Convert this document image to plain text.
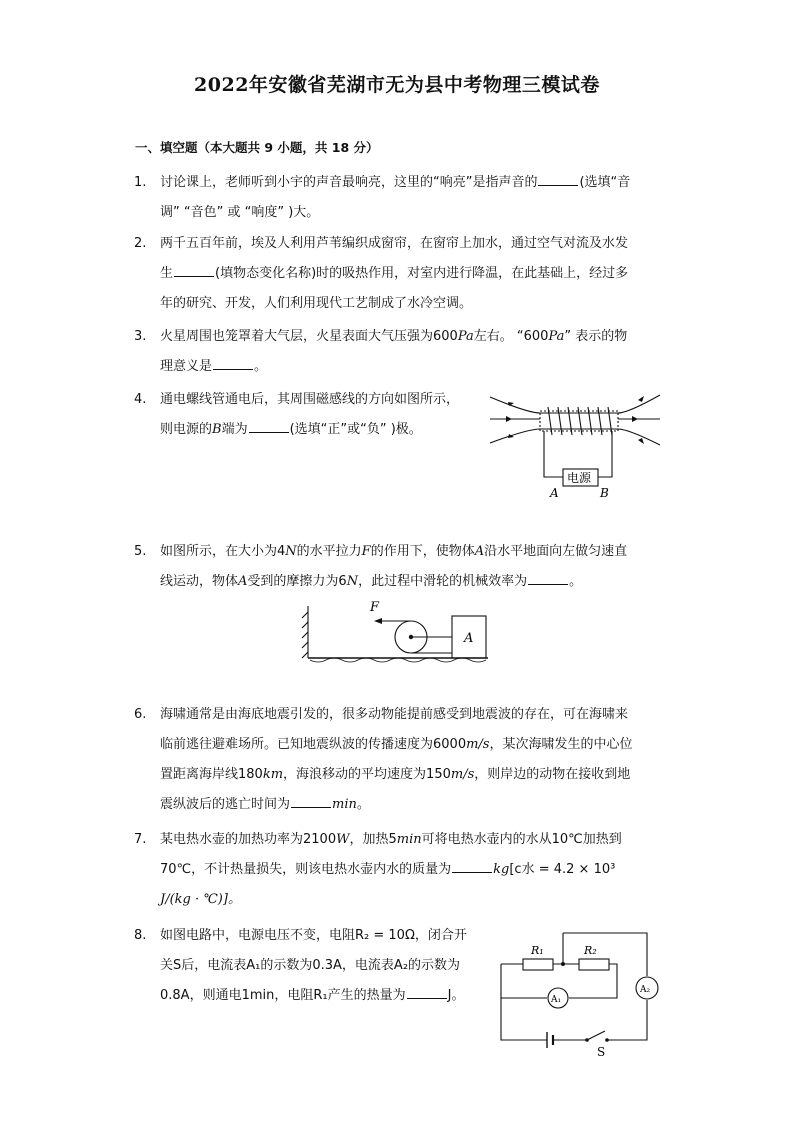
2022年安徽省芜湖市无为县中考物理三模试卷
一、填空题（本大题共 9 小题，共 18 分）
1.	讨论课上，老师听到小宇的声音最响亮，这里的“响亮”是指声音的	(选填“音
调” “音色” 或 “响度” )大。
2.	两千五百年前，埃及人利用芦苇编织成窗帘，在窗帘上加水，通过空气对流及水发
生	(填物态变化名称)时的吸热作用，对室内进行降温，在此基础上，经过多
年的研究、开发，人们利用现代工艺制成了水冷空调。
3.	火星周围也笼罩着大气层，火星表面大气压强为600Pa左右。 “600Pa” 表示的物
理意义是	。
4.	通电螺线管通电后，其周围磁感线的方向如图所示，
则电源的B端为	(选填“正”或“负” )极。
电源
A	B
5.	如图所示，在大小为4N的水平拉力F的作用下，使物体A沿水平地面向左做匀速直
线运动，物体A受到的摩擦力为6N，此过程中滑轮的机械效率为	。
F
A
6.	海啸通常是由海底地震引发的，很多动物能提前感受到地震波的存在，可在海啸来
临前逃往避难场所。已知地震纵波的传播速度为6000m/s，某次海啸发生的中心位
置距离海岸线180km，海浪移动的平均速度为150m/s，则岸边的动物在接收到地
震纵波后的逃亡时间为	min。
7.	某电热水壶的加热功率为2100W，加热5min可将电热水壶内的水从10℃加热到
70℃，不计热量损失，则该电热水壶内水的质量为	kg[c水 = 4.2 × 10³
J/(kg · ℃)]。
8.	如图电路中，电源电压不变，电阻R₂ = 10Ω，闭合开
关S后，电流表A₁的示数为0.3A，电流表A₂的示数为
0.8A，则通电1min，电阻R₁产生的热量为	J。
R₁	R₂
A₁
A₂
S
